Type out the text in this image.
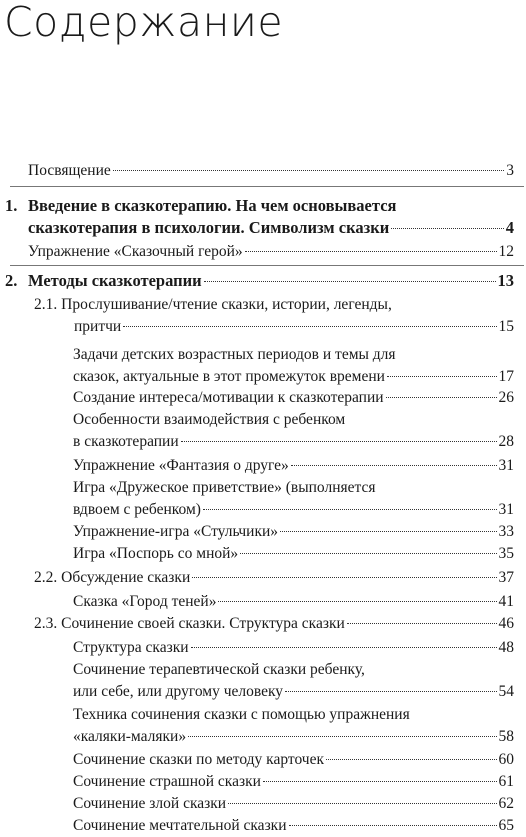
Содержание
Посвящение	3
1. Введение в сказкотерапию. На чем основывается
сказкотерапия в психологии. Символизм сказки	4
Упражнение «Сказочный герой»	12
2. Методы сказкотерапии	13
2.1. Прослушивание/чтение сказки, истории, легенды,
притчи	15
Задачи детских возрастных периодов и темы для
сказок, актуальные в этот промежуток времени	17
Создание интереса/мотивации к сказкотерапии	26
Особенности взаимодействия с ребенком
в сказкотерапии	28
Упражнение «Фантазия о друге»	31
Игра «Дружеское приветствие» (выполняется
вдвоем с ребенком)	31
Упражнение-игра «Стульчики»	33
Игра «Поспорь со мной»	35
2.2. Обсуждение сказки	37
Сказка «Город теней»	41
2.3. Сочинение своей сказки. Структура сказки	46
Структура сказки	48
Сочинение терапевтической сказки ребенку,
или себе, или другому человеку	54
Техника сочинения сказки с помощью упражнения
«каляки-маляки»	58
Сочинение сказки по методу карточек	60
Сочинение страшной сказки	61
Сочинение злой сказки	62
Сочинение мечтательной сказки	65
